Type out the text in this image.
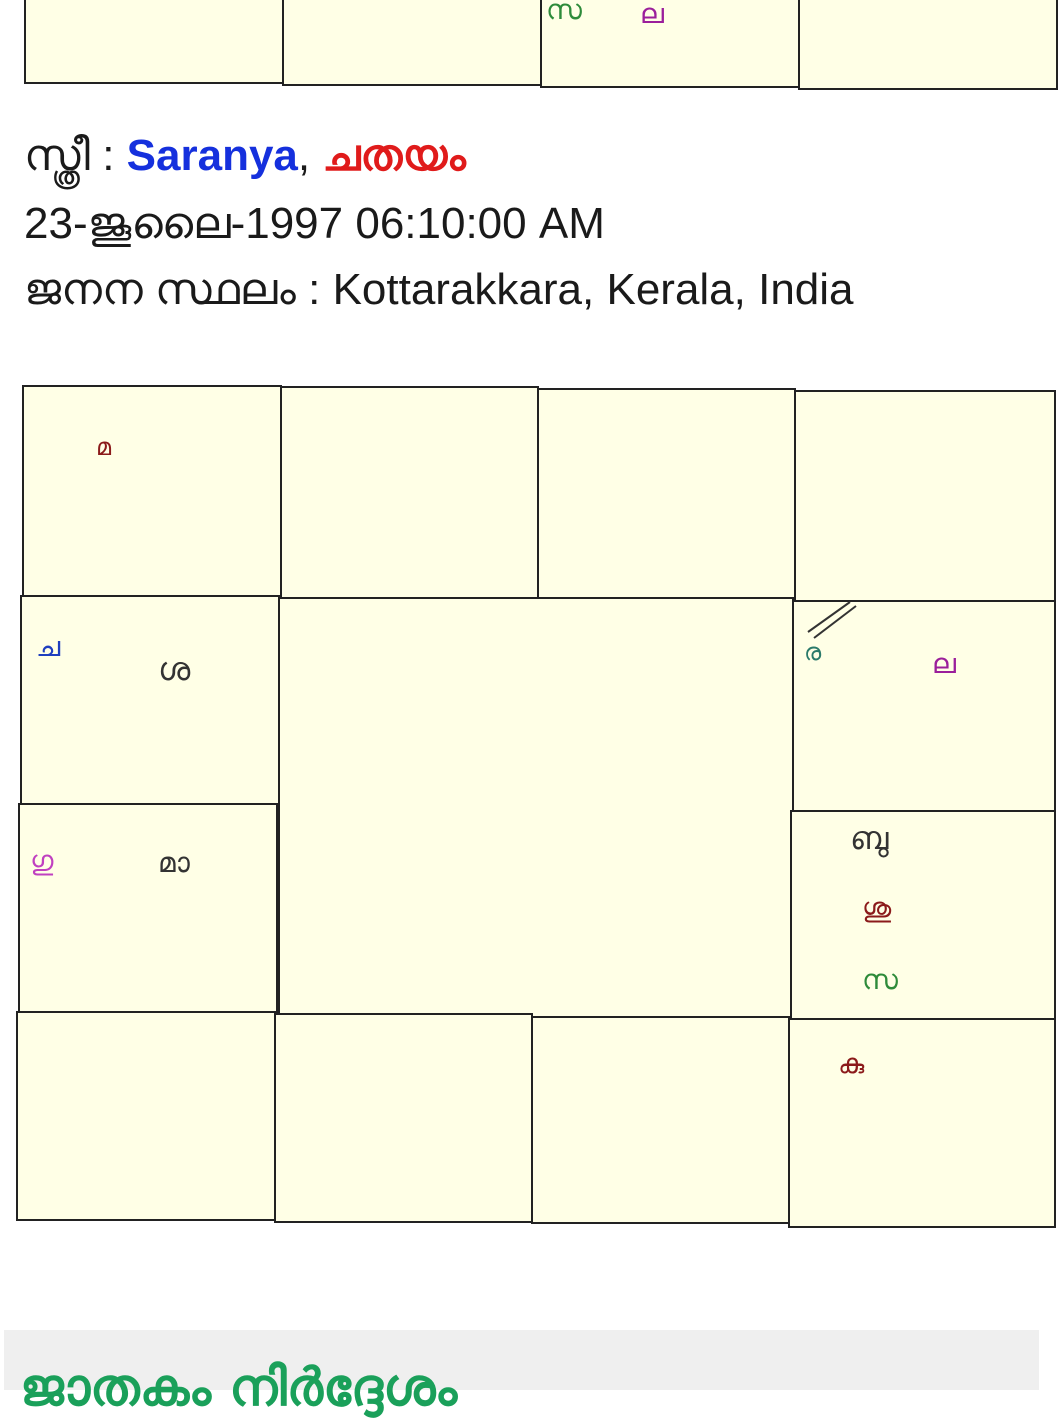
സ ല
സ്ത്രീ : Saranya, ചതയം
23-ജൂലൈ-1997 06:10:00 AM
ജനന സ്ഥലം : Kottarakkara, Kerala, India
മ
ച
ശ	ര	ല
ഗു	മാ
ബു
ശു
സ
കു
ജാതകം നിർദ്ദേശം
